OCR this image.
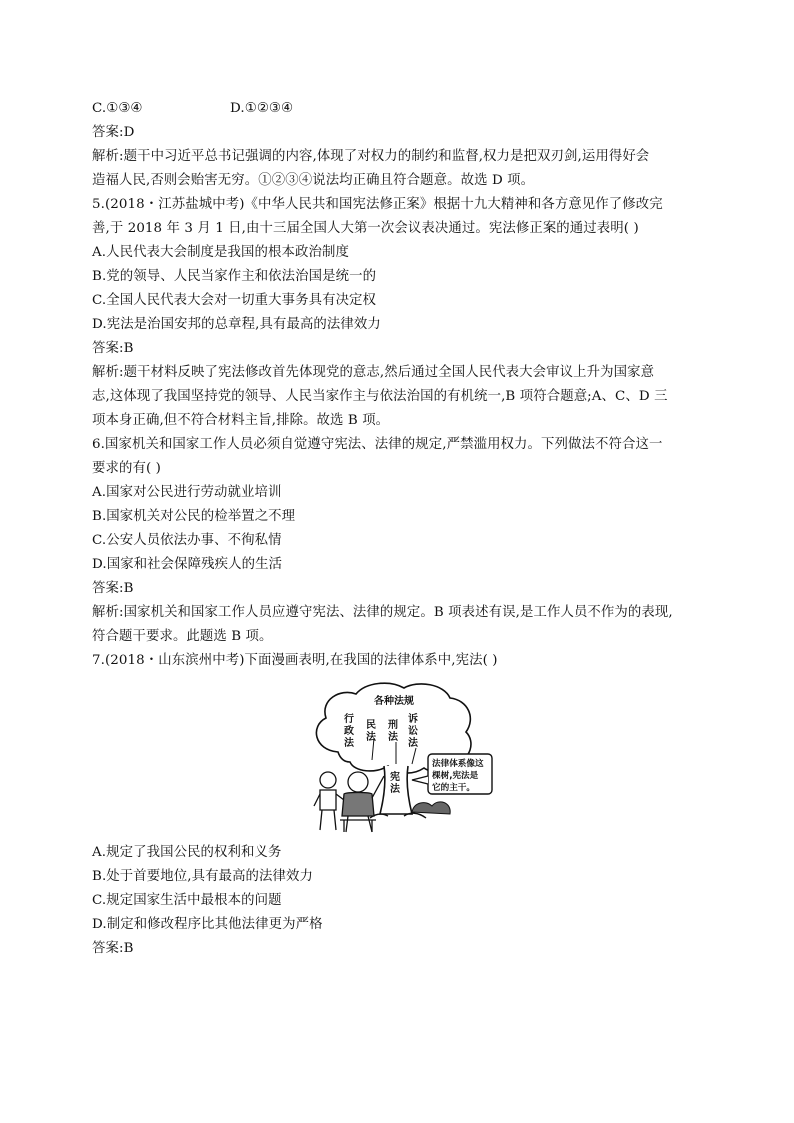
C.①③④	D.①②③④
答案:D
解析:题干中习近平总书记强调的内容,体现了对权力的制约和监督,权力是把双刃剑,运用得好会
造福人民,否则会贻害无穷。①②③④说法均正确且符合题意。故选 D 项。
5.(2018・江苏盐城中考)《中华人民共和国宪法修正案》根据十九大精神和各方意见作了修改完
善,于 2018 年 3 月 1 日,由十三届全国人大第一次会议表决通过。宪法修正案的通过表明( )
A.人民代表大会制度是我国的根本政治制度
B.党的领导、人民当家作主和依法治国是统一的
C.全国人民代表大会对一切重大事务具有决定权
D.宪法是治国安邦的总章程,具有最高的法律效力
答案:B
解析:题干材料反映了宪法修改首先体现党的意志,然后通过全国人民代表大会审议上升为国家意
志,这体现了我国坚持党的领导、人民当家作主与依法治国的有机统一,B 项符合题意;A、C、D 三
项本身正确,但不符合材料主旨,排除。故选 B 项。
6.国家机关和国家工作人员必须自觉遵守宪法、法律的规定,严禁滥用权力。下列做法不符合这一
要求的有( )
A.国家对公民进行劳动就业培训
B.国家机关对公民的检举置之不理
C.公安人员依法办事、不徇私情
D.国家和社会保障残疾人的生活
答案:B
解析:国家机关和国家工作人员应遵守宪法、法律的规定。B 项表述有误,是工作人员不作为的表现,
符合题干要求。此题选 B 项。
7.(2018・山东滨州中考)下面漫画表明,在我国的法律体系中,宪法( )
各种法规
行
政
法
民
法
刑
法
诉
讼
法
宪
法
法律体系像这
棵树,宪法是
它的主干。
A.规定了我国公民的权利和义务
B.处于首要地位,具有最高的法律效力
C.规定国家生活中最根本的问题
D.制定和修改程序比其他法律更为严格
答案:B
